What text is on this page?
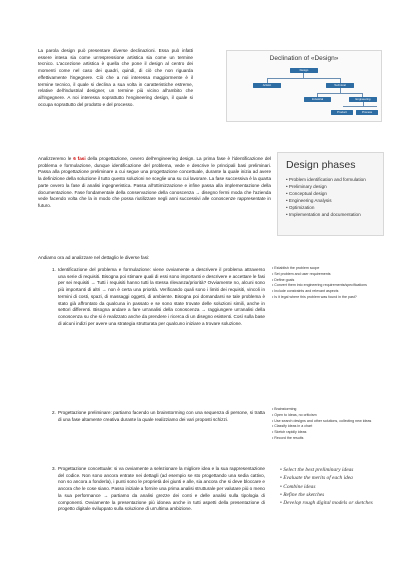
La parola design può presentare diverse declinazioni. Essa può infatti essere intesa sia come un'espressione artistica sia come un termine tecnico. L'accezione artistica è quella che pone il design al centro dei momenti come nel caso dei quadri, quindi, di ciò che non riguarda effettivamente l'ingegnere. Ciò che a noi interessa maggiormente è il termine tecnico, il quale si declina a sua volta in caratteristiche estreme, relative dell'industrial designer, un termine più vicino all'ambito che all'ingegnere. A noi interessa soprattutto l'engineering design, il quale si occupa soprattutto del prodotto e del processo.

Declination of «Design»
Design
Artistic	Technical
Industrial	Engineering
Product	Process

Analizzeremo le 6 fasi della progettazione, ovvero dell'engineering design. La prima fase è l'identificazione del problema e formulazione, dunque identificazione del problema, vede e descrive le principali basi preliminari. Passa alla progettazione preliminare a cui segue una progettazione concettuale, durante la quale inizia ad avere la definizione della soluzione il tutto questo soluzioni ne sceglie una su cui lavorare. La fase successiva è la quarta parte ovvero la fase di analisi ingegneristica. Passa all'ottimizzazione e infine passa alla implementazione della documentazione. Fase fondamentale della conservazione della conoscenza → disegno fermi moda che l'azienda vede facendo volta che la in modo che possa riutilizzare negli anni successivi alle conoscenze rappresentate in futuro.

Design phases
• Problem identification and formulation
• Preliminary design
• Conceptual design
• Engineering Analysis
• Optimization
• Implementation and documentation

Andiamo ora ad analizzare nel dettaglio le diverse fasi:

1. Identificazione del problema e formulazione: viene ovviamente a descrivere il problema attraverso una serie di requisiti. Bisogna poi stimare quali di essi sono importanti e descrivere e accettare le fasi per sei requisiti → Tutti i requisiti hanno tutti la stessa rilevanza/priorità? Ovviamente no, alcuni sono più importanti di altri → non è certa una priorità. Verificando quali sono i limiti dei requisiti, vincoli in termini di costi, spazi, di massaggi oggetti, di ambiente. Bisogna poi domandarsi se tale problema è stato già affrontato da qualcuna in passato e se sono state trovate delle soluzioni simili, anche in settori differenti. Bisogna andare a fare un'analisi della conoscenza → raggiungere un'analisi della conoscenza su che si è realizzato anche da prendere i ricerca di un disegno esistenti. Così sulla base di alcuni indizi per avere una strategia strutturata per qualcuno iniziare a trovare soluzione.

• Establish the problem scope
• Set problem and user requirements
• Define goals
• Convert them into engineering requirements/specifications
• Include constraints and relevant aspects
• Is it legal where this problem was found in the past?
2. Progettazione preliminare: partiamo facendo un brainstorming con una sequenza di persone, si tratta di una fase altamente creativa durante la quale realizziamo dei vari proposti schizzi.

• Brainstorming
• Open to ideas, no criticism
• Use search designs and other solutions, collecting new ideas
• Classify ideas in a chart
• Sketch rapidly ideas
• Record the results
3. Progettazione concettuale: si va ovviamente a selezionare la migliore idea e la sua rappresentazione del codice. Non sono ancora entrate nei dettagli (ad esempio se sto progettando una sedia cattivo, non so ancora a fonderla), i punti sono le proprietà dei giunti e alle, sia ancora che si deve bloccare e ancora che le cose siano. Passo iniziale a fornire una prima analisi strutturale per valutare più o meno la sua performance → partiamo da analisi grezze dei conti e delle analisi sulla tipologia di componenti. Ovviamente la presentazione più idonea anche in tutti aspetti della presentazione di progetto digitale sviluppato sulla soluzione di un'ultima ambizione.

• Select the best preliminary ideas
• Evaluate the merits of each idea
• Combine ideas
• Refine the sketches
• Develop rough digital models or sketches
